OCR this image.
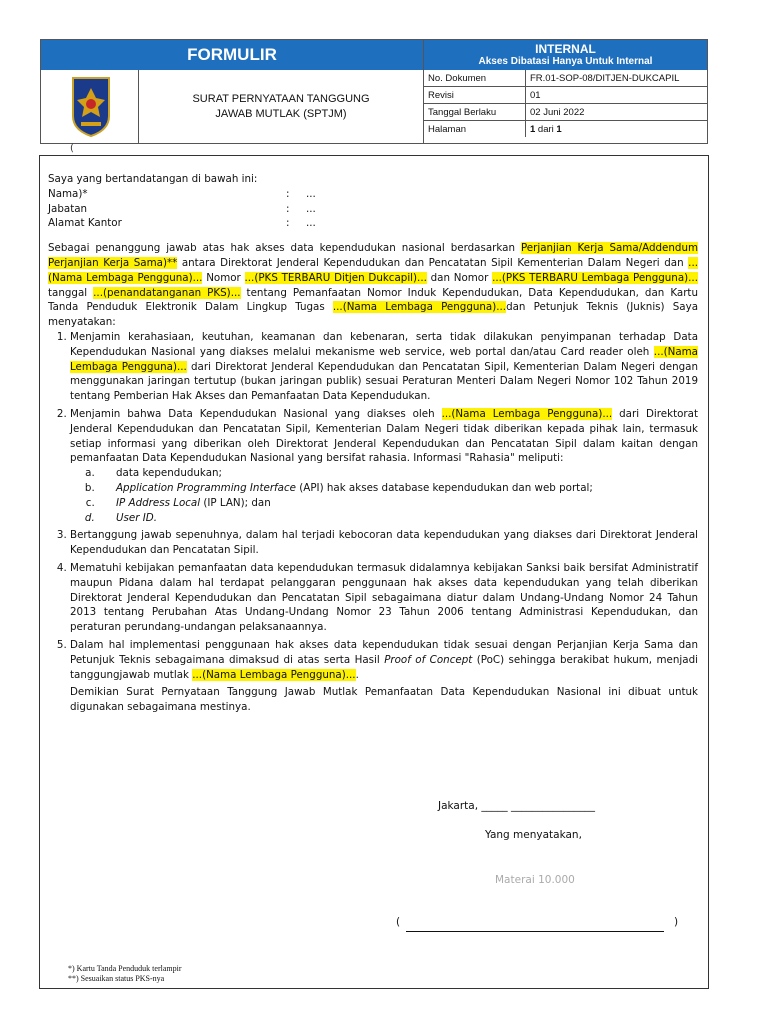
FORMULIR	INTERNAL
Akses Dibatasi Hanya Untuk Internal
SURAT PERNYATAAN TANGGUNG
JAWAB MUTLAK (SPTJM)
No. Dokumen	FR.01-SOP-08/DITJEN-DUKCAPIL
Revisi	01
Tanggal Berlaku	02 Juni 2022
Halaman	1 dari 1
(

Saya yang bertandatangan di bawah ini:

Nama)*	:	...
Jabatan	:	...
Alamat Kantor	:	...

Sebagai penanggung jawab atas hak akses data kependudukan nasional berdasarkan Perjanjian Kerja Sama/Addendum Perjanjian Kerja Sama)** antara Direktorat Jenderal Kependudukan dan Pencatatan Sipil Kementerian Dalam Negeri dan ...(Nama Lembaga Pengguna)... Nomor ...(PKS TERBARU Ditjen Dukcapil)... dan Nomor ...(PKS TERBARU Lembaga Pengguna)... tanggal ...(penandatanganan PKS)... tentang Pemanfaatan Nomor Induk Kependudukan, Data Kependudukan, dan Kartu Tanda Penduduk Elektronik Dalam Lingkup Tugas ...(Nama Lembaga Pengguna)...dan Petunjuk Teknis (Juknis) Saya menyatakan:

1. Menjamin kerahasiaan, keutuhan, keamanan dan kebenaran, serta tidak dilakukan penyimpanan terhadap Data Kependudukan Nasional yang diakses melalui mekanisme web service, web portal dan/atau Card reader oleh ...(Nama Lembaga Pengguna)... dari Direktorat Jenderal Kependudukan dan Pencatatan Sipil, Kementerian Dalam Negeri dengan menggunakan jaringan tertutup (bukan jaringan publik) sesuai Peraturan Menteri Dalam Negeri Nomor 102 Tahun 2019 tentang Pemberian Hak Akses dan Pemanfaatan Data Kependudukan.
2. Menjamin bahwa Data Kependudukan Nasional yang diakses oleh ...(Nama Lembaga Pengguna)... dari Direktorat Jenderal Kependudukan dan Pencatatan Sipil, Kementerian Dalam Negeri tidak diberikan kepada pihak lain, termasuk setiap informasi yang diberikan oleh Direktorat Jenderal Kependudukan dan Pencatatan Sipil dalam kaitan dengan pemanfaatan Data Kependudukan Nasional yang bersifat rahasia. Informasi "Rahasia" meliputi:
a. data kependudukan;
b. Application Programming Interface (API) hak akses database kependudukan dan web portal;
c. IP Address Local (IP LAN); dan
d. User ID.
3. Bertanggung jawab sepenuhnya, dalam hal terjadi kebocoran data kependudukan yang diakses dari Direktorat Jenderal Kependudukan dan Pencatatan Sipil.
4. Mematuhi kebijakan pemanfaatan data kependudukan termasuk didalamnya kebijakan Sanksi baik bersifat Administratif maupun Pidana dalam hal terdapat pelanggaran penggunaan hak akses data kependudukan yang telah diberikan Direktorat Jenderal Kependudukan dan Pencatatan Sipil sebagaimana diatur dalam Undang-Undang Nomor 24 Tahun 2013 tentang Perubahan Atas Undang-Undang Nomor 23 Tahun 2006 tentang Administrasi Kependudukan, dan peraturan perundang-undangan pelaksanaannya.
5. Dalam hal implementasi penggunaan hak akses data kependudukan tidak sesuai dengan Perjanjian Kerja Sama dan Petunjuk Teknis sebagaimana dimaksud di atas serta Hasil Proof of Concept (PoC) sehingga berakibat hukum, menjadi tanggungjawab mutlak ...(Nama Lembaga Pengguna)....

Demikian Surat Pernyataan Tanggung Jawab Mutlak Pemanfaatan Data Kependudukan Nasional ini dibuat untuk digunakan sebagaimana mestinya.

Jakarta, _____ ________________
Yang menyatakan,
Materai 10.000
(	)
*) Kartu Tanda Penduduk terlampir
**) Sesuaikan status PKS-nya
